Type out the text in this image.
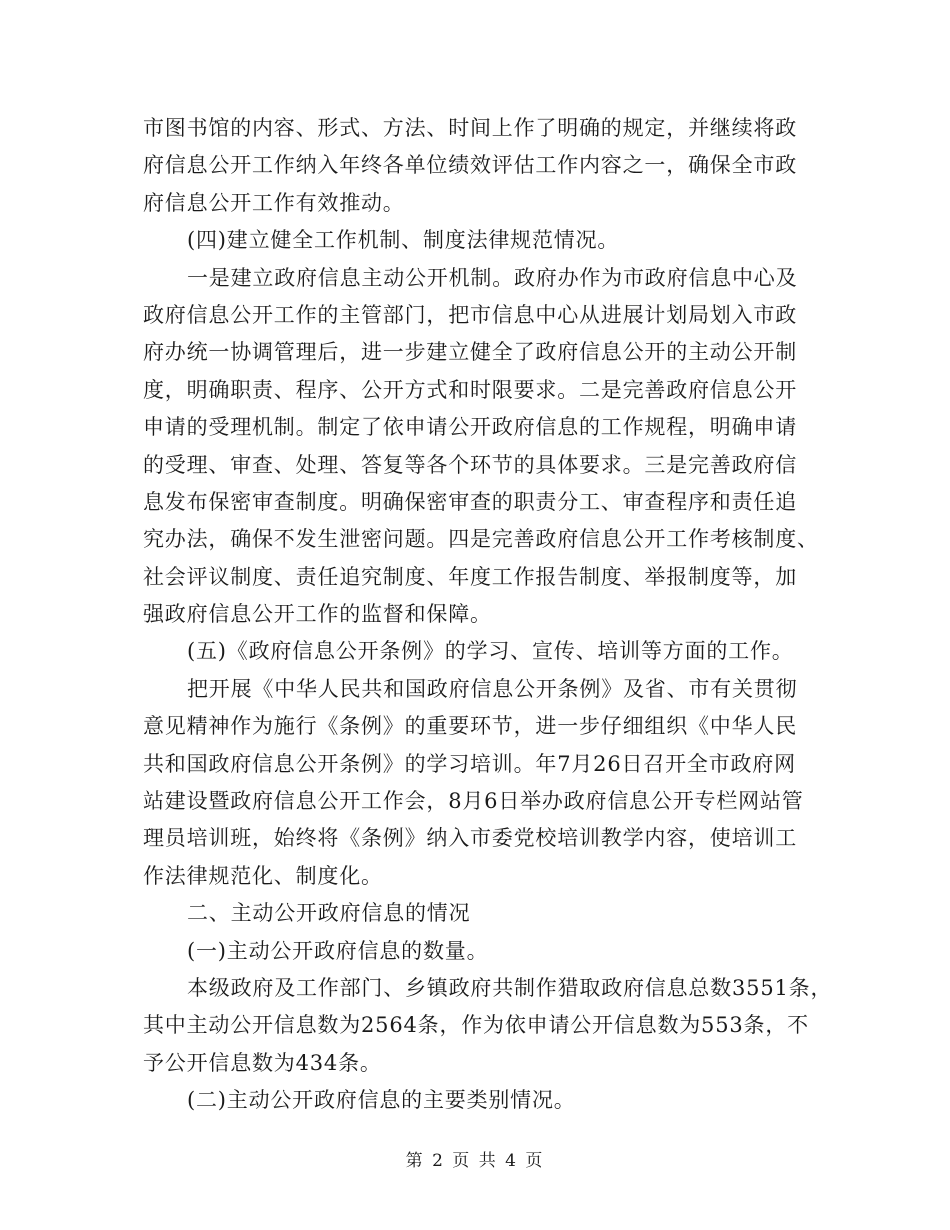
市图书馆的内容、形式、方法、时间上作了明确的规定，并继续将政
府信息公开工作纳入年终各单位绩效评估工作内容之一，确保全市政
府信息公开工作有效推动。
(四)建立健全工作机制、制度法律规范情况。
一是建立政府信息主动公开机制。政府办作为市政府信息中心及
政府信息公开工作的主管部门，把市信息中心从进展计划局划入市政
府办统一协调管理后，进一步建立健全了政府信息公开的主动公开制
度，明确职责、程序、公开方式和时限要求。二是完善政府信息公开
申请的受理机制。制定了依申请公开政府信息的工作规程，明确申请
的受理、审查、处理、答复等各个环节的具体要求。三是完善政府信
息发布保密审查制度。明确保密审查的职责分工、审查程序和责任追
究办法，确保不发生泄密问题。四是完善政府信息公开工作考核制度、
社会评议制度、责任追究制度、年度工作报告制度、举报制度等，加
强政府信息公开工作的监督和保障。
(五)《政府信息公开条例》的学习、宣传、培训等方面的工作。
把开展《中华人民共和国政府信息公开条例》及省、市有关贯彻
意见精神作为施行《条例》的重要环节，进一步仔细组织《中华人民
共和国政府信息公开条例》的学习培训。年7月26日召开全市政府网
站建设暨政府信息公开工作会，8月6日举办政府信息公开专栏网站管
理员培训班，始终将《条例》纳入市委党校培训教学内容，使培训工
作法律规范化、制度化。
二、主动公开政府信息的情况
(一)主动公开政府信息的数量。
本级政府及工作部门、乡镇政府共制作猎取政府信息总数3551条，
其中主动公开信息数为2564条，作为依申请公开信息数为553条，不
予公开信息数为434条。
(二)主动公开政府信息的主要类别情况。
第 2 页 共 4 页
